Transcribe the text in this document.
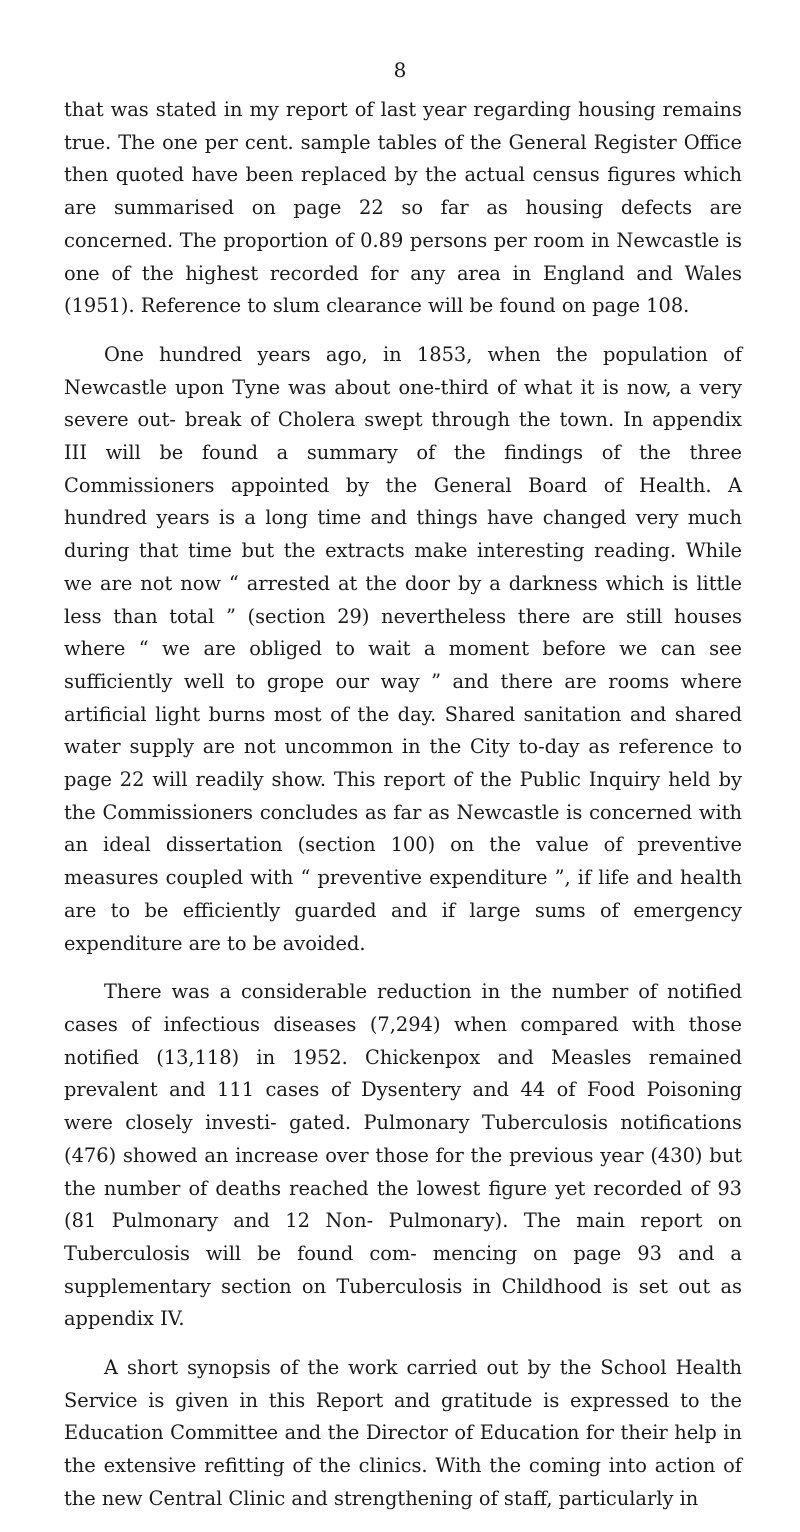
8

that was stated in my report of last year regarding housing remains true. The one per cent. sample tables of the General Register Office then quoted have been replaced by the actual census figures which are summarised on page 22 so far as housing defects are concerned. The proportion of 0.89 persons per room in Newcastle is one of the highest recorded for any area in England and Wales (1951). Reference to slum clearance will be found on page 108.

One hundred years ago, in 1853, when the population of Newcastle upon Tyne was about one-third of what it is now, a very severe out- break of Cholera swept through the town. In appendix III will be found a summary of the findings of the three Commissioners appointed by the General Board of Health. A hundred years is a long time and things have changed very much during that time but the extracts make interesting reading. While we are not now “ arrested at the door by a darkness which is little less than total ” (section 29) nevertheless there are still houses where “ we are obliged to wait a moment before we can see sufficiently well to grope our way ” and there are rooms where artificial light burns most of the day. Shared sanitation and shared water supply are not uncommon in the City to-day as reference to page 22 will readily show. This report of the Public Inquiry held by the Commissioners concludes as far as Newcastle is concerned with an ideal dissertation (section 100) on the value of preventive measures coupled with “ preventive expenditure ”, if life and health are to be efficiently guarded and if large sums of emergency expenditure are to be avoided.

There was a considerable reduction in the number of notified cases of infectious diseases (7,294) when compared with those notified (13,118) in 1952. Chickenpox and Measles remained prevalent and 111 cases of Dysentery and 44 of Food Poisoning were closely investi- gated. Pulmonary Tuberculosis notifications (476) showed an increase over those for the previous year (430) but the number of deaths reached the lowest figure yet recorded of 93 (81 Pulmonary and 12 Non- Pulmonary). The main report on Tuberculosis will be found com- mencing on page 93 and a supplementary section on Tuberculosis in Childhood is set out as appendix IV.

A short synopsis of the work carried out by the School Health Service is given in this Report and gratitude is expressed to the Education Committee and the Director of Education for their help in the extensive refitting of the clinics. With the coming into action of the new Central Clinic and strengthening of staff, particularly in
